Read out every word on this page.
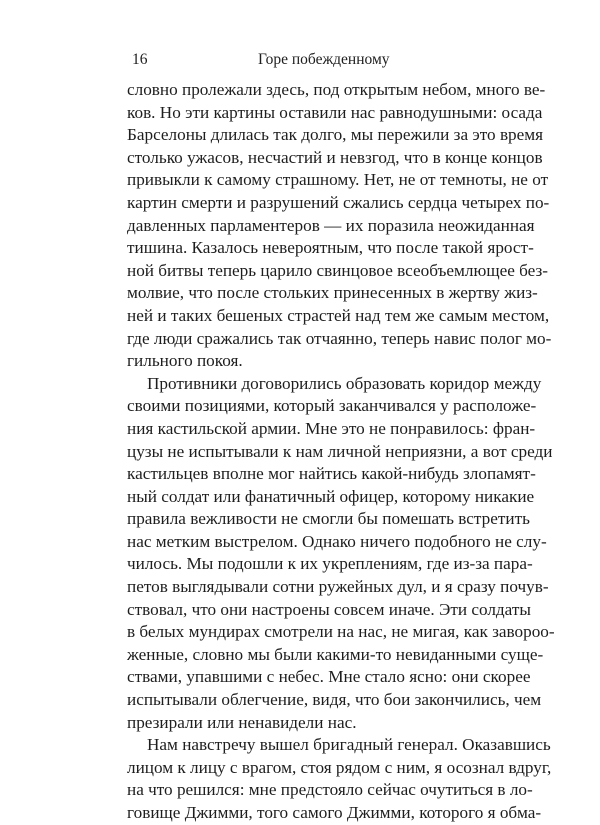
16	Горе побежденному
словно пролежали здесь, под открытым небом, много ве-
ков. Но эти картины оставили нас равнодушными: осада
Барселоны длилась так долго, мы пережили за это время
столько ужасов, несчастий и невзгод, что в конце концов
привыкли к самому страшному. Нет, не от темноты, не от
картин смерти и разрушений сжались сердца четырех по-
давленных парламентеров — их поразила неожиданная
тишина. Казалось невероятным, что после такой ярост-
ной битвы теперь царило свинцовое всеобъемлющее без-
молвие, что после стольких принесенных в жертву жиз-
ней и таких бешеных страстей над тем же самым местом,
где люди сражались так отчаянно, теперь навис полог мо-
гильного покоя.
Противники договорились образовать коридор между
своими позициями, который заканчивался у расположе-
ния кастильской армии. Мне это не понравилось: фран-
цузы не испытывали к нам личной неприязни, а вот среди
кастильцев вполне мог найтись какой-нибудь злопамят-
ный солдат или фанатичный офицер, которому никакие
правила вежливости не смогли бы помешать встретить
нас метким выстрелом. Однако ничего подобного не слу-
чилось. Мы подошли к их укреплениям, где из-за пара-
петов выглядывали сотни ружейных дул, и я сразу почув-
ствовал, что они настроены совсем иначе. Эти солдаты
в белых мундирах смотрели на нас, не мигая, как завороо-
женные, словно мы были какими-то невиданными суще-
ствами, упавшими с небес. Мне стало ясно: они скорее
испытывали облегчение, видя, что бои закончились, чем
презирали или ненавидели нас.
Нам навстречу вышел бригадный генерал. Оказавшись
лицом к лицу с врагом, стоя рядом с ним, я осознал вдруг,
на что решился: мне предстояло сейчас очутиться в ло-
говище Джимми, того самого Джимми, которого я обма-
